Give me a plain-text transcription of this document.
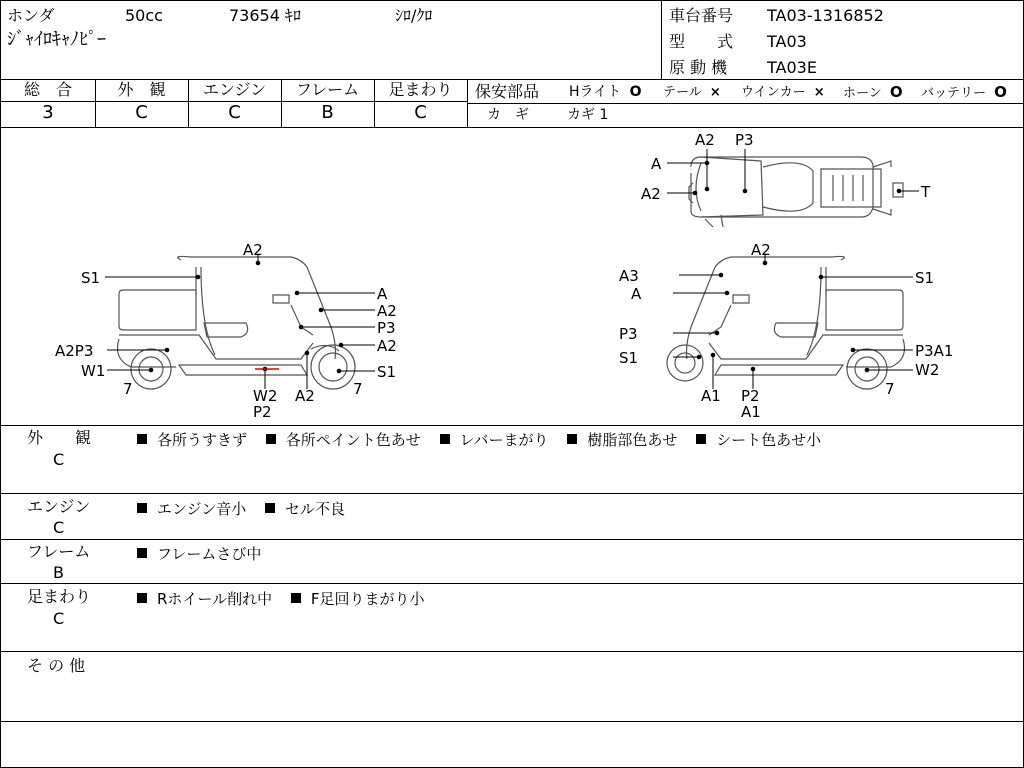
ホンダ	50cc	73654 ｷﾛ	ｼﾛ/ｸﾛ
ｼﾞｬｲﾛｷｬﾉﾋﾟｰ
車台番号 TA03-1316852
型　　式 TA03
原 動 機 TA03E
総　合	外　観	エンジン	フレーム	足まわり
3	C	C	B	C
保安部品 Hライト O テール × ウインカー × ホーン O バッテリー O
カ　ギ	カギ 1
A2 P3
A
A2	T
A2
S1
A
A2
P3
A2P3	A2
W1	S1
7	7
W2
P2
A2
A2
A3	S1
A
P3
P3A1
S1
W2
7
A1 P2
A1
外　　観
C
各所うすきず	各所ペイント色あせ	レバーまがり	樹脂部色あせ	シート色あせ小
エンジン
C
エンジン音小	セル不良
フレーム
B
フレームさび中
足まわり
C
Rホイール削れ中	F足回りまがり小
そ の 他
